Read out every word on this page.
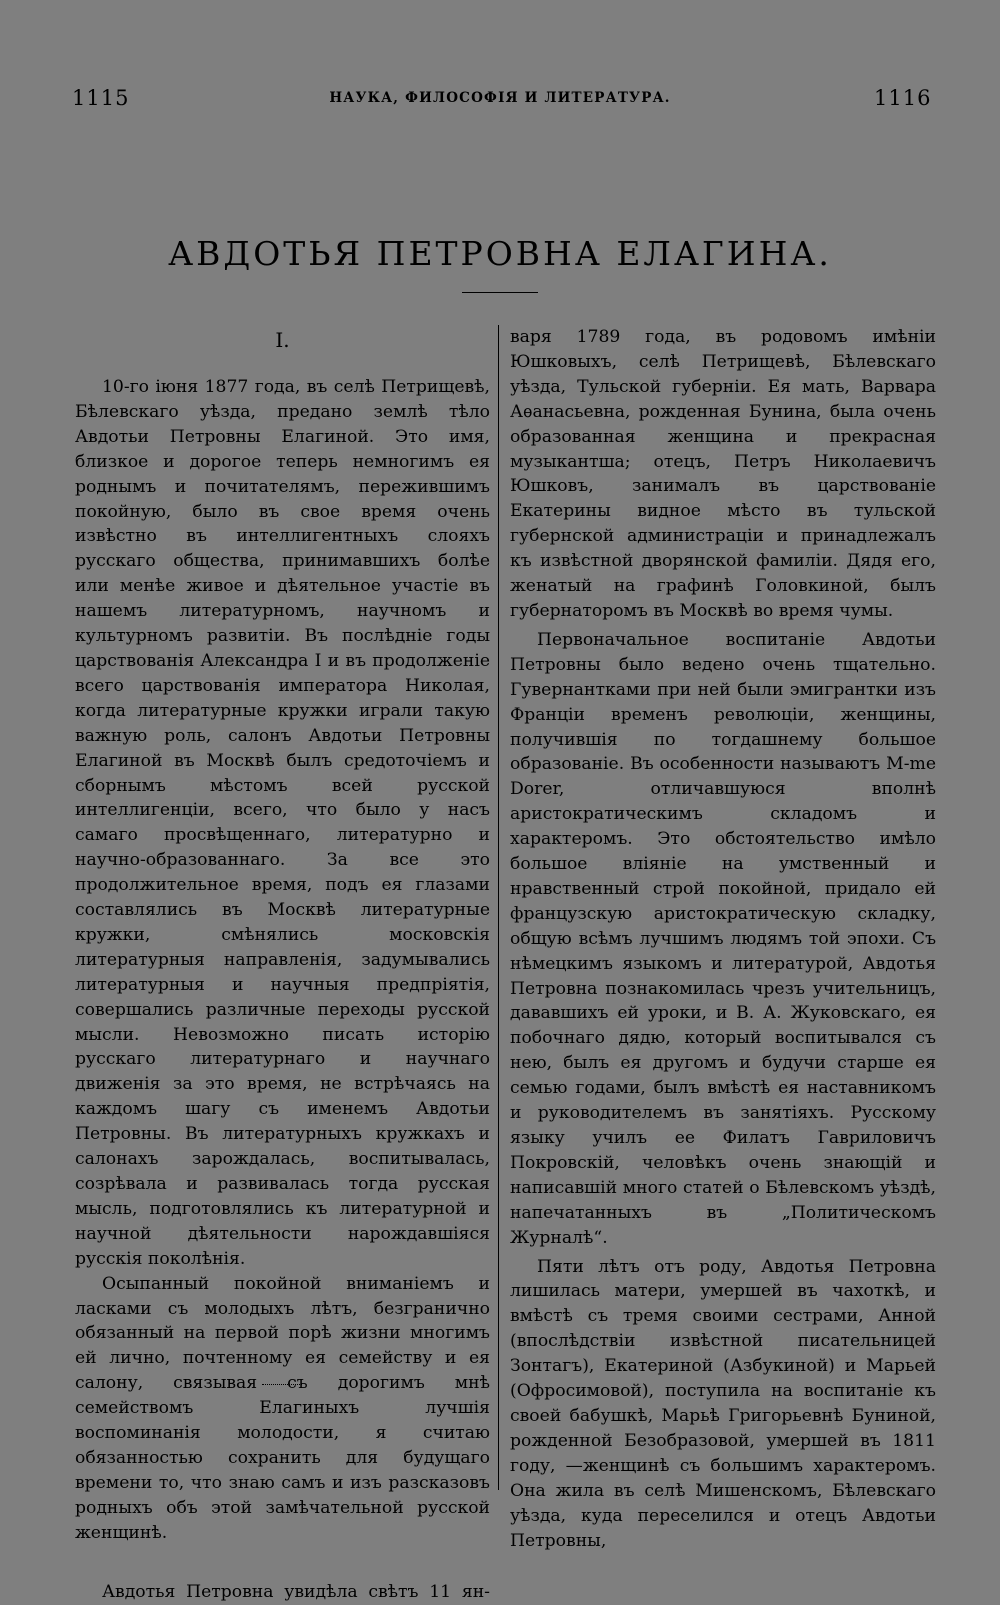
1115	НАУКА, ФИЛОСОФІЯ И ЛИТЕРАТУРА.	1116
АВДОТЬЯ ПЕТРОВНА ЕЛАГИНА.
I.

10-го іюня 1877 года, въ селѣ Петрищевѣ, Бѣлевскаго уѣзда, предано землѣ тѣло Авдотьи Петровны Елагиной. Это имя, близкое и дорогое теперь немногимъ ея роднымъ и почитателямъ, пережившимъ покойную, было въ свое время очень извѣстно въ интеллигентныхъ слояхъ русскаго общества, принимавшихъ болѣе или менѣе живое и дѣятельное участіе въ нашемъ литературномъ, научномъ и культурномъ развитіи. Въ послѣдніе годы царствованія Александра I и въ продолженіе всего царствованія императора Николая, когда литературные кружки играли такую важную роль, салонъ Авдотьи Петровны Елагиной въ Москвѣ былъ средоточіемъ и сборнымъ мѣстомъ всей русской интеллигенціи, всего, что было у насъ самаго просвѣщеннаго, литературно и научно-образованнаго. За все это продолжительное время, подъ ея глазами составлялись въ Москвѣ литературные кружки, смѣнялись московскія литературныя направленія, задумывались литературныя и научныя предпріятія, совершались различные переходы русской мысли. Невозможно писать исторію русскаго литературнаго и научнаго движенія за это время, не встрѣчаясь на каждомъ шагу съ именемъ Авдотьи Петровны. Въ литературныхъ кружкахъ и салонахъ зарождалась, воспитывалась, созрѣвала и развивалась тогда русская мысль, подготовлялись къ литературной и научной дѣятельности нарождавшіяся русскія поколѣнія.

Осыпанный покойной вниманіемъ и ласками съ молодыхъ лѣтъ, безгранично обязанный на первой порѣ жизни многимъ ей лично, почтенному ея семейству и ея салону, связывая съ дорогимъ мнѣ семействомъ Елагиныхъ лучшія воспоминанія молодости, я считаю обязанностью сохранить для будущаго времени то, что знаю самъ и изъ разсказовъ родныхъ объ этой замѣчательной русской женщинѣ.

Авдотья Петровна увидѣла свѣтъ 11 ян-

варя 1789 года, въ родовомъ имѣніи Юшковыхъ, селѣ Петрищевѣ, Бѣлевскаго уѣзда, Тульской губерніи. Ея мать, Варвара Аѳанасьевна, рожденная Бунина, была очень образованная женщина и прекрасная музыкантша; отецъ, Петръ Николаевичъ Юшковъ, занималъ въ царствованіе Екатерины видное мѣсто въ тульской губернской администраціи и принадлежалъ къ извѣстной дворянской фамиліи. Дядя его, женатый на графинѣ Головкиной, былъ губернаторомъ въ Москвѣ во время чумы.

Первоначальное воспитаніе Авдотьи Петровны было ведено очень тщательно. Гувернантками при ней были эмигрантки изъ Франціи временъ революціи, женщины, получившія по тогдашнему большое образованіе. Въ особенности называютъ M-me Dorer, отличавшуюся вполнѣ аристократическимъ складомъ и характеромъ. Это обстоятельство имѣло большое вліяніе на умственный и нравственный строй покойной, придало ей французскую аристократическую складку, общую всѣмъ лучшимъ людямъ той эпохи. Съ нѣмецкимъ языкомъ и литературой, Авдотья Петровна познакомилась чрезъ учительницъ, дававшихъ ей уроки, и В. А. Жуковскаго, ея побочнаго дядю, который воспитывался съ нею, былъ ея другомъ и будучи старше ея семью годами, былъ вмѣстѣ ея наставникомъ и руководителемъ въ занятіяхъ. Русскому языку училъ ее Филатъ Гавриловичъ Покровскій, человѣкъ очень знающій и написавшій много статей о Бѣлевскомъ уѣздѣ, напечатанныхъ въ „Политическомъ Журналѣ“.

Пяти лѣтъ отъ роду, Авдотья Петровна лишилась матери, умершей въ чахоткѣ, и вмѣстѣ съ тремя своими сестрами, Анной (впослѣдствіи извѣстной писательницей Зонтагъ), Екатериной (Азбукиной) и Марьей (Офросимовой), поступила на воспитаніе къ своей бабушкѣ, Марьѣ Григорьевнѣ Буниной, рожденной Безобразовой, умершей въ 1811 году, —женщинѣ съ большимъ характеромъ. Она жила въ селѣ Мишенскомъ, Бѣлевскаго уѣзда, куда переселился и отецъ Авдотьи Петровны,
